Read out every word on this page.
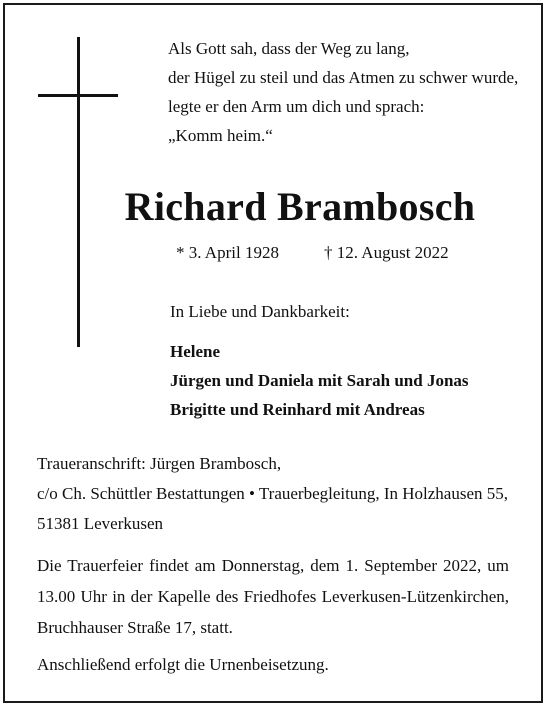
Als Gott sah, dass der Weg zu lang,
der Hügel zu steil und das Atmen zu schwer wurde,
legte er den Arm um dich und sprach:
„Komm heim.“
Richard Brambosch
* 3. April 1928	† 12. August 2022
In Liebe und Dankbarkeit:
Helene
Jürgen und Daniela mit Sarah und Jonas
Brigitte und Reinhard mit Andreas
Traueranschrift: Jürgen Brambosch,
c/o Ch. Schüttler Bestattungen • Trauerbegleitung, In Holzhausen 55,
51381 Leverkusen
Die Trauerfeier findet am Donnerstag, dem 1. September 2022, um
13.00 Uhr in der Kapelle des Friedhofes Leverkusen-Lützenkirchen,
Bruchhauser Straße 17, statt.
Anschließend erfolgt die Urnenbeisetzung.
